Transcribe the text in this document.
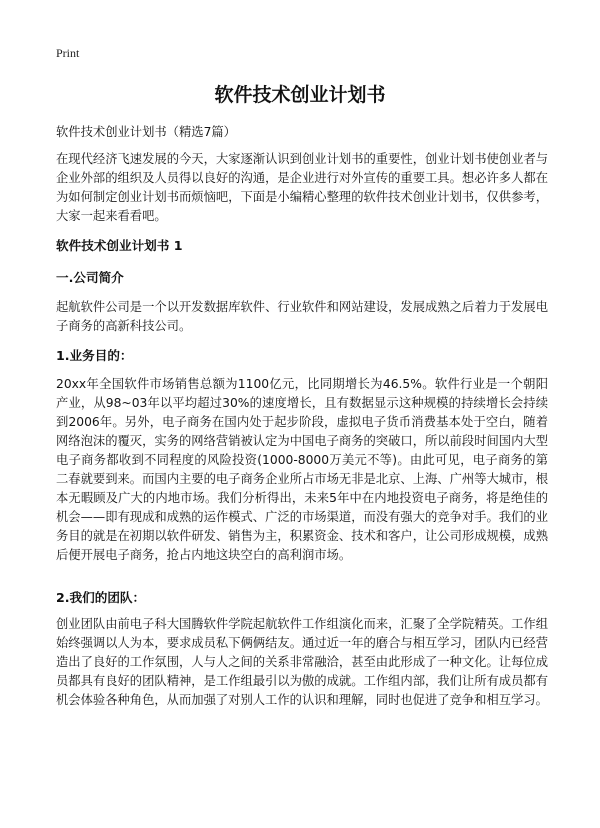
Print
软件技术创业计划书
软件技术创业计划书（精选7篇）

在现代经济飞速发展的今天，大家逐渐认识到创业计划书的重要性，创业计划书使创业者与企业外部的组织及人员得以良好的沟通，是企业进行对外宣传的重要工具。想必许多人都在为如何制定创业计划书而烦恼吧，下面是小编精心整理的软件技术创业计划书，仅供参考，大家一起来看看吧。

软件技术创业计划书 1
一.公司简介

起航软件公司是一个以开发数据库软件、行业软件和网站建设，发展成熟之后着力于发展电子商务的高新科技公司。

1.业务目的：

20xx年全国软件市场销售总额为1100亿元，比同期增长为46.5%。软件行业是一个朝阳产业，从98~03年以平均超过30%的速度增长，且有数据显示这种规模的持续增长会持续到2006年。另外，电子商务在国内处于起步阶段，虚拟电子货币消费基本处于空白，随着网络泡沫的覆灭，实务的网络营销被认定为中国电子商务的突破口，所以前段时间国内大型电子商务都收到不同程度的风险投资(1000-8000万美元不等)。由此可见，电子商务的第二春就要到来。而国内主要的电子商务企业所占市场无非是北京、上海、广州等大城市，根本无暇顾及广大的内地市场。我们分析得出，未来5年中在内地投资电子商务，将是绝佳的机会——即有现成和成熟的运作模式、广泛的市场渠道，而没有强大的竞争对手。我们的业务目的就是在初期以软件研发、销售为主，积累资金、技术和客户，让公司形成规模，成熟后便开展电子商务，抢占内地这块空白的高利润市场。

2.我们的团队：

创业团队由前电子科大国腾软件学院起航软件工作组演化而来，汇聚了全学院精英。工作组始终强调以人为本，要求成员私下俩俩结友。通过近一年的磨合与相互学习，团队内已经营造出了良好的工作氛围，人与人之间的关系非常融洽，甚至由此形成了一种文化。让每位成员都具有良好的团队精神，是工作组最引以为傲的成就。工作组内部，我们让所有成员都有机会体验各种角色，从而加强了对别人工作的认识和理解，同时也促进了竞争和相互学习。
